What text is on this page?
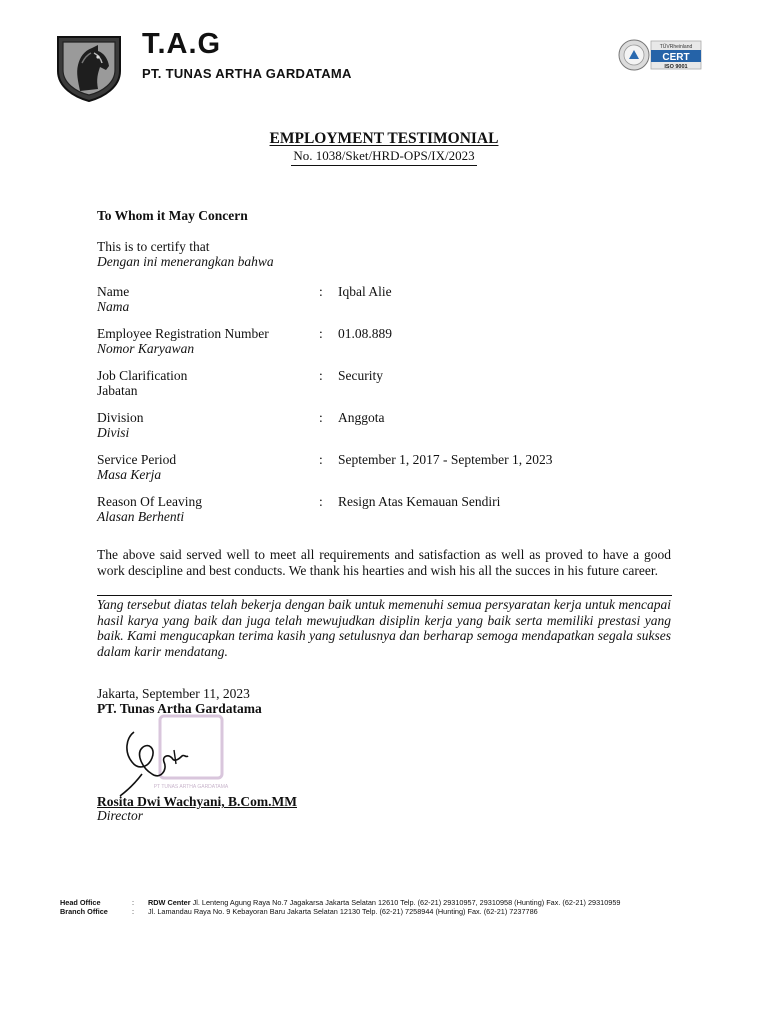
T.A.G
PT. TUNAS ARTHA GARDATAMA
TÜVRheinland
CERT
ISO 9001
EMPLOYMENT TESTIMONIAL
No. 1038/Sket/HRD-OPS/IX/2023
To Whom it May Concern
This is to certify that
Dengan ini menerangkan bahwa
Name
Nama
: Iqbal Alie
Employee Registration Number
Nomor Karyawan
: 01.08.889
Job Clarification
Jabatan
: Security
Division
Divisi
: Anggota
Service Period
Masa Kerja
: September 1, 2017 - September 1, 2023
Reason Of Leaving
Alasan Berhenti
: Resign Atas Kemauan Sendiri
The above said served well to meet all requirements and satisfaction as well as proved to have a good work descipline and best conducts. We thank his hearties and wish his all the succes in his future career.
Yang tersebut diatas telah bekerja dengan baik untuk memenuhi semua persyaratan kerja untuk mencapai hasil karya yang baik dan juga telah mewujudkan disiplin kerja yang baik serta memiliki prestasi yang baik. Kami mengucapkan terima kasih yang setulusnya dan berharap semoga mendapatkan segala sukses dalam karir mendatang.
Jakarta, September 11, 2023
PT. Tunas Artha Gardatama
PT TUNAS ARTHA GARDATAMA
Rosita Dwi Wachyani, B.Com.MM
Director
Head Office	: RDW Center Jl. Lenteng Agung Raya No.7 Jagakarsa Jakarta Selatan 12610 Telp. (62-21) 29310957, 29310958 (Hunting) Fax. (62-21) 29310959
Branch Office	: Jl. Lamandau Raya No. 9 Kebayoran Baru Jakarta Selatan 12130 Telp. (62-21) 7258944 (Hunting) Fax. (62-21) 7237786
